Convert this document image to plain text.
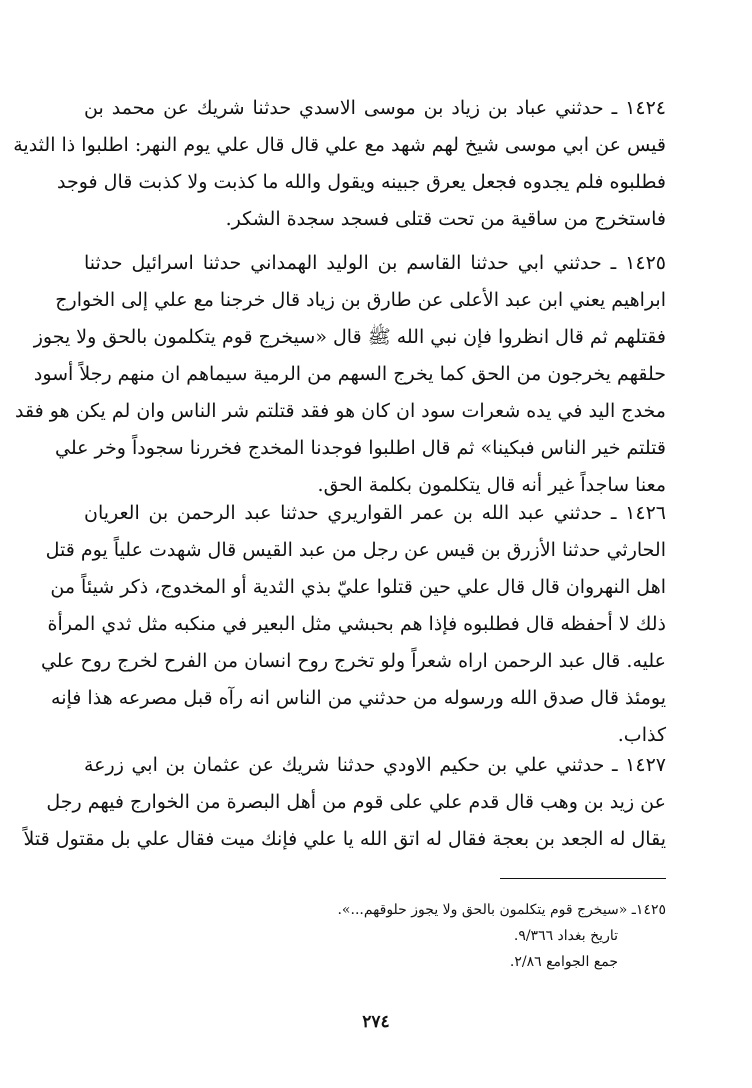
١٤٢٤ ـ حدثني عباد بن زياد بن موسى الاسدي حدثنا شريك عن محمد بن
قيس عن ابي موسى شيخ لهم شهد مع علي قال قال علي يوم النهر: اطلبوا ذا الثدية
فطلبوه فلم يجدوه فجعل يعرق جبينه ويقول والله ما كذبت ولا كذبت قال فوجد
فاستخرج من ساقية من تحت قتلى فسجد سجدة الشكر.
١٤٢٥ ـ حدثني ابي حدثنا القاسم بن الوليد الهمداني حدثنا اسرائيل حدثنا
ابراهيم يعني ابن عبد الأعلى عن طارق بن زياد قال خرجنا مع علي إلى الخوارج
فقتلهم ثم قال انظروا فإن نبي الله ﷺ قال «سيخرج قوم يتكلمون بالحق ولا يجوز
حلقهم يخرجون من الحق كما يخرج السهم من الرمية سيماهم ان منهم رجلاً أسود
مخدج اليد في يده شعرات سود ان كان هو فقد قتلتم شر الناس وان لم يكن هو فقد
قتلتم خير الناس فبكينا» ثم قال اطلبوا فوجدنا المخدج فخررنا سجوداً وخر علي
معنا ساجداً غير أنه قال يتكلمون بكلمة الحق.
١٤٢٦ ـ حدثني عبد الله بن عمر القواريري حدثنا عبد الرحمن بن العريان
الحارثي حدثنا الأزرق بن قيس عن رجل من عبد القيس قال شهدت علياً يوم قتل
اهل النهروان قال قال علي حين قتلوا عليّ بذي الثدية أو المخدوج، ذكر شيئاً من
ذلك لا أحفظه قال فطلبوه فإذا هم بحبشي مثل البعير في منكبه مثل ثدي المرأة
عليه. قال عبد الرحمن اراه شعراً ولو تخرج روح انسان من الفرح لخرج روح علي
يومئذ قال صدق الله ورسوله من حدثني من الناس انه رآه قبل مصرعه هذا فإنه
كذاب.
١٤٢٧ ـ حدثني علي بن حكيم الاودي حدثنا شريك عن عثمان بن ابي زرعة
عن زيد بن وهب قال قدم علي على قوم من أهل البصرة من الخوارج فيهم رجل
يقال له الجعد بن بعجة فقال له اتق الله يا علي فإنك ميت فقال علي بل مقتول قتلاً
١٤٢٥ـ «سيخرج قوم يتكلمون بالحق ولا يجوز حلوقهم...».
تاريخ بغداد ٩/٣٦٦.
جمع الجوامع ٢/٨٦.
٢٧٤
